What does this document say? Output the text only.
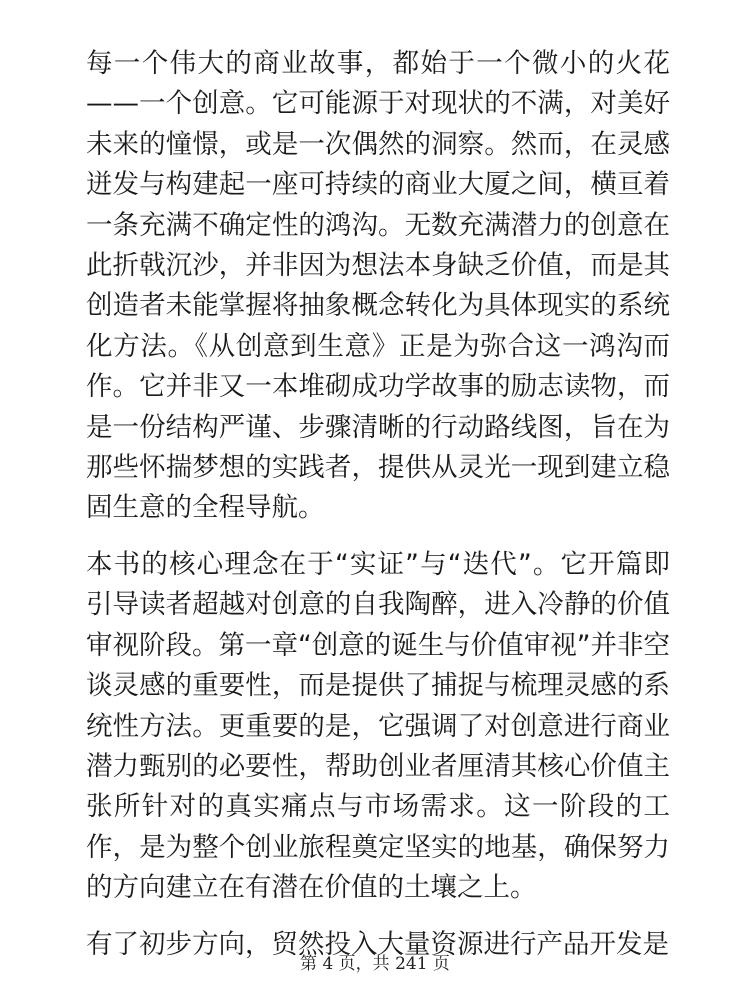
每一个伟大的商业故事，都始于一个微小的火花——一个创意。它可能源于对现状的不满，对美好未来的憧憬，或是一次偶然的洞察。然而，在灵感迸发与构建起一座可持续的商业大厦之间，横亘着一条充满不确定性的鸿沟。无数充满潜力的创意在此折戟沉沙，并非因为想法本身缺乏价值，而是其创造者未能掌握将抽象概念转化为具体现实的系统化方法。《从创意到生意》正是为弥合这一鸿沟而作。它并非又一本堆砌成功学故事的励志读物，而是一份结构严谨、步骤清晰的行动路线图，旨在为那些怀揣梦想的实践者，提供从灵光一现到建立稳固生意的全程导航。

本书的核心理念在于“实证”与“迭代”。它开篇即引导读者超越对创意的自我陶醉，进入冷静的价值审视阶段。第一章“创意的诞生与价值审视”并非空谈灵感的重要性，而是提供了捕捉与梳理灵感的系统性方法。更重要的是，它强调了对创意进行商业潜力甄别的必要性，帮助创业者厘清其核心价值主张所针对的真实痛点与市场需求。这一阶段的工作，是为整个创业旅程奠定坚实的地基，确保努力的方向建立在有潜在价值的土壤之上。

有了初步方向，贸然投入大量资源进行产品开发是

第 4 页，共 241 页
